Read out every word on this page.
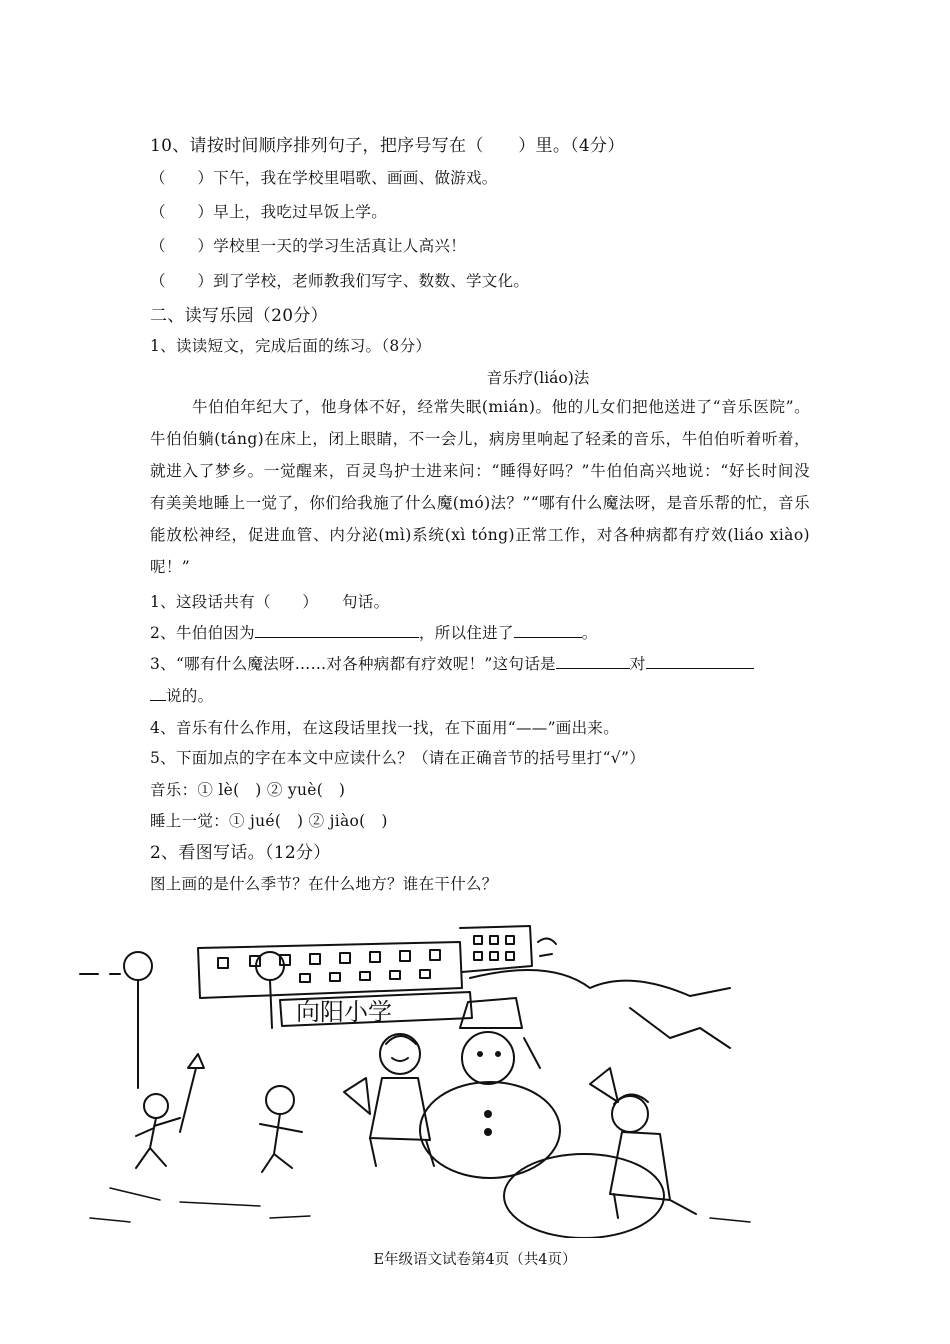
10、请按时间顺序排列句子，把序号写在（　　）里。（4分）
（　　）下午，我在学校里唱歌、画画、做游戏。
（　　）早上，我吃过早饭上学。
（　　）学校里一天的学习生活真让人高兴！
（　　）到了学校，老师教我们写字、数数、学文化。
二、读写乐园（20分）
1、读读短文，完成后面的练习。（8分）
音乐疗(liáo)法
牛伯伯年纪大了，他身体不好，经常失眠(mián)。他的儿女们把他送进了“音乐医院”。牛伯伯躺(táng)在床上，闭上眼睛，不一会儿，病房里响起了轻柔的音乐，牛伯伯听着听着，就进入了梦乡。一觉醒来，百灵鸟护士进来问：“睡得好吗？”牛伯伯高兴地说：“好长时间没有美美地睡上一觉了，你们给我施了什么魔(mó)法？”“哪有什么魔法呀，是音乐帮的忙，音乐能放松神经，促进血管、内分泌(mì)系统(xì tóng)正常工作，对各种病都有疗效(liáo xiào)呢！”
1、这段话共有（　　）　　句话。
2、牛伯伯因为	，所以住进了	。
3、“哪有什么魔法呀……对各种病都有疗效呢！”这句话是	对
说的。
4、音乐有什么作用，在这段话里找一找，在下面用“——”画出来。
5、下面加点的字在本文中应读什么？（请在正确音节的括号里打“√”）
音乐：① lè(　) ② yuè(　)
睡上一觉：① jué(　) ② jiào(　)
2、看图写话。（12分）
图上画的是什么季节？在什么地方？谁在干什么？
向阳小学
E年级语文试卷第4页（共4页）
